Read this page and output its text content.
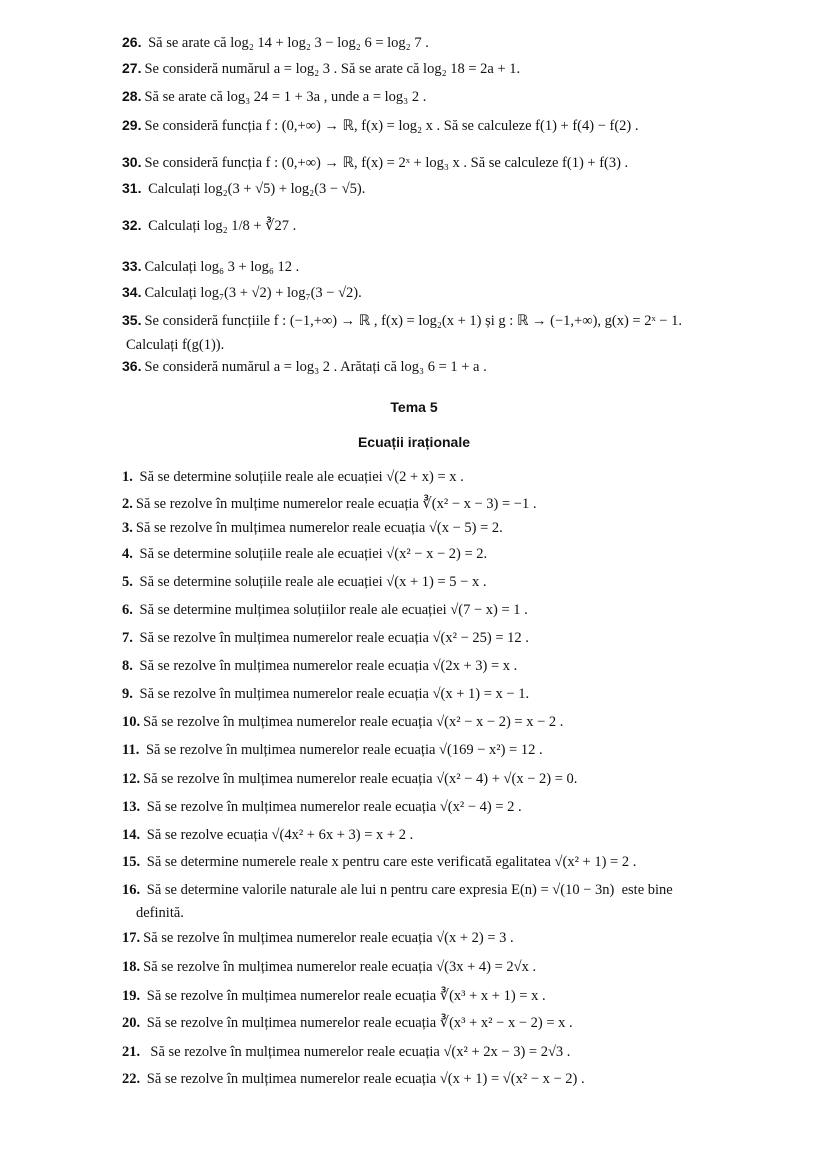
Tema 5
Ecuații iraționale
26. Să se arate că log₂ 14 + log₂ 3 − log₂ 6 = log₂ 7 .
27. Se consideră numărul a = log₂ 3 . Să se arate că log₂ 18 = 2a + 1.
28. Să se arate că log₃ 24 = 1 + 3a , unde a = log₃ 2 .
29. Se consideră funcția f : (0,+∞) → ℝ, f(x) = log₂ x . Să se calculeze f(1) + f(4) − f(2) .
30. Se consideră funcția f : (0,+∞) → ℝ, f(x) = 2ˣ + log₃ x . Să se calculeze f(1) + f(3) .
31. Calculați log₂(3 + √5) + log₂(3 − √5).
32. Calculați log₂ 1/8 + ∛27 .
33. Calculați log₆ 3 + log₆ 12 .
34. Calculați log₇(3 + √2) + log₇(3 − √2).
35. Se consideră funcțiile f : (−1,+∞) → ℝ , f(x) = log₂(x + 1) și g : ℝ → (−1,+∞), g(x) = 2ˣ − 1.
Calculați f(g(1)).
36. Se consideră numărul a = log₃ 2 . Arătați că log₃ 6 = 1 + a .
1. Să se determine soluțiile reale ale ecuației √(2 + x) = x .
2. Să se rezolve în mulțime numerelor reale ecuația ∛(x² − x − 3) = −1 .
3. Să se rezolve în mulțimea numerelor reale ecuația √(x − 5) = 2.
4. Să se determine soluțiile reale ale ecuației √(x² − x − 2) = 2.
5. Să se determine soluțiile reale ale ecuației √(x + 1) = 5 − x .
6. Să se determine mulțimea soluțiilor reale ale ecuației √(7 − x) = 1 .
7. Să se rezolve în mulțimea numerelor reale ecuația √(x² − 25) = 12 .
8. Să se rezolve în mulțimea numerelor reale ecuația √(2x + 3) = x .
9. Să se rezolve în mulțimea numerelor reale ecuația √(x + 1) = x − 1.
10. Să se rezolve în mulțimea numerelor reale ecuația √(x² − x − 2) = x − 2 .
11. Să se rezolve în mulțimea numerelor reale ecuația √(169 − x²) = 12 .
12. Să se rezolve în mulțimea numerelor reale ecuația √(x² − 4) + √(x − 2) = 0.
13. Să se rezolve în mulțimea numerelor reale ecuația √(x² − 4) = 2 .
14. Să se rezolve ecuația √(4x² + 6x + 3) = x + 2 .
15. Să se determine numerele reale x pentru care este verificată egalitatea √(x² + 1) = 2 .
16. Să se determine valorile naturale ale lui n pentru care expresia E(n) = √(10 − 3n)  este bine
definită.
17. Să se rezolve în mulțimea numerelor reale ecuația √(x + 2) = 3 .
18. Să se rezolve în mulțimea numerelor reale ecuația √(3x + 4) = 2√x .
19. Să se rezolve în mulțimea numerelor reale ecuația ∛(x³ + x + 1) = x .
20. Să se rezolve în mulțimea numerelor reale ecuația ∛(x³ + x² − x − 2) = x .
21.  Să se rezolve în mulțimea numerelor reale ecuația √(x² + 2x − 3) = 2√3 .
22. Să se rezolve în mulțimea numerelor reale ecuația √(x + 1) = √(x² − x − 2) .
